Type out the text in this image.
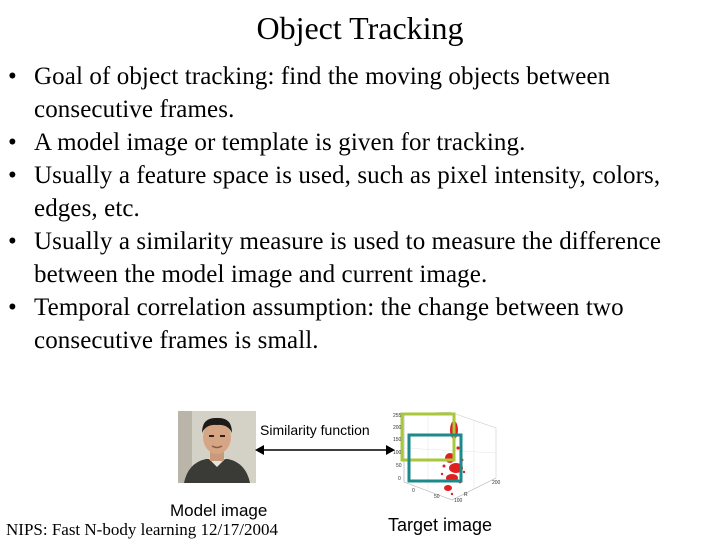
Object Tracking
• Goal of object tracking: find the moving objects between consecutive frames.
• A model image or template is given for tracking.
• Usually a feature space is used, such as pixel intensity, colors, edges, etc.
• Usually a similarity measure is used to measure the difference between the model image and current image.
• Temporal correlation assumption: the change between two consecutive frames is small.
Similarity function
255
200
150
100
50
0
0
50
100
R
200
Model image
NIPS: Fast N-body learning 12/17/2004	Target image
